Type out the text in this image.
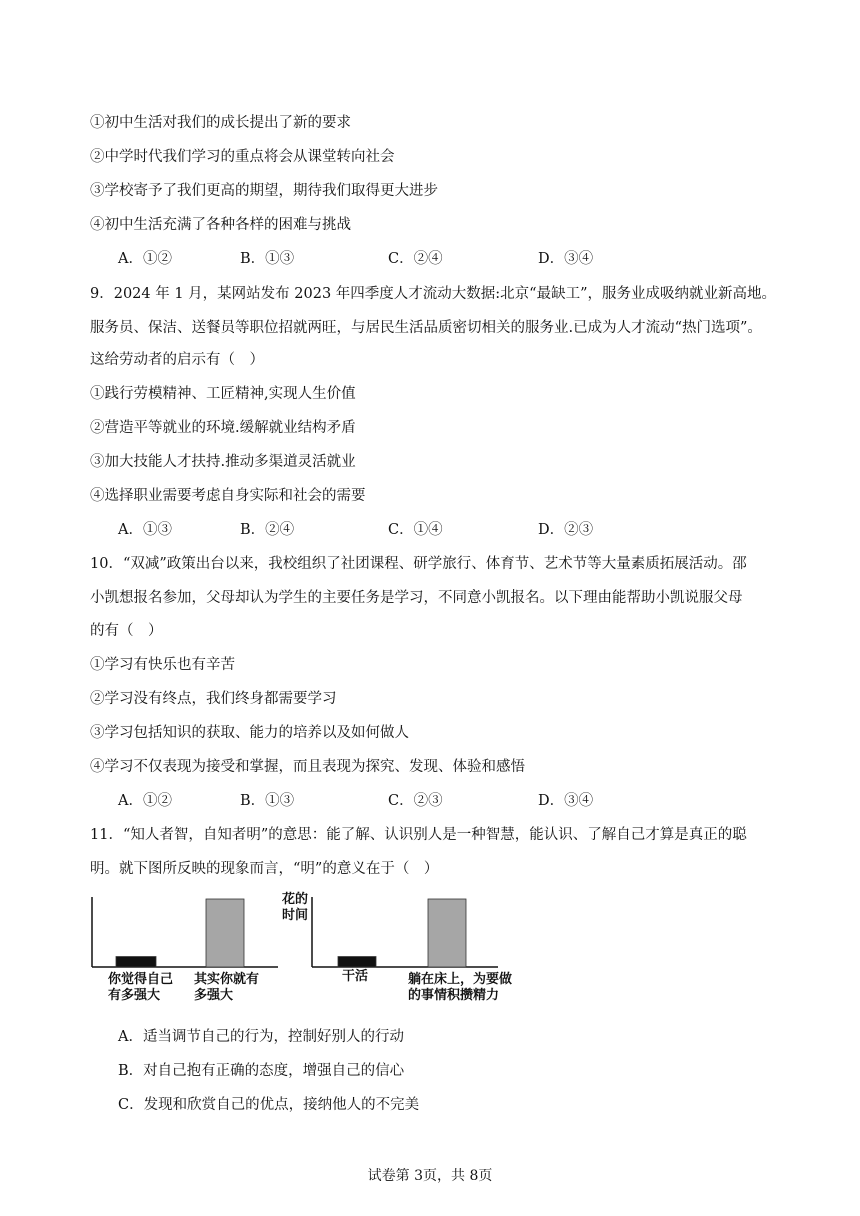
①初中生活对我们的成长提出了新的要求
②中学时代我们学习的重点将会从课堂转向社会
③学校寄予了我们更高的期望，期待我们取得更大进步
④初中生活充满了各种各样的困难与挑战
A．①②	B．①③	C．②④	D．③④
9．2024 年 1 月，某网站发布 2023 年四季度人才流动大数据:北京“最缺工”，服务业成吸纳就业新高地。
服务员、保洁、送餐员等职位招就两旺，与居民生活品质密切相关的服务业.已成为人才流动“热门选项”。
这给劳动者的启示有（　）
①践行劳模精神、工匠精神,实现人生价值
②营造平等就业的环境.缓解就业结构矛盾
③加大技能人才扶持.推动多渠道灵活就业
④选择职业需要考虑自身实际和社会的需要
A．①③	B．②④	C．①④	D．②③
10．“双减”政策出台以来，我校组织了社团课程、研学旅行、体育节、艺术节等大量素质拓展活动。邵
小凯想报名参加，父母却认为学生的主要任务是学习，不同意小凯报名。以下理由能帮助小凯说服父母
的有（　）
①学习有快乐也有辛苦
②学习没有终点，我们终身都需要学习
③学习包括知识的获取、能力的培养以及如何做人
④学习不仅表现为接受和掌握，而且表现为探究、发现、体验和感悟
A．①②	B．①③	C．②③	D．③④
11．“知人者智，自知者明”的意思：能了解、认识别人是一种智慧，能认识、了解自己才算是真正的聪
明。就下图所反映的现象而言，“明”的意义在于（　）
你觉得自己
有多强大
其实你就有
多强大
花的
时间
干活	躺在床上，为要做
的事情积攒精力
A．适当调节自己的行为，控制好别人的行动
B．对自己抱有正确的态度，增强自己的信心
C．发现和欣赏自己的优点，接纳他人的不完美
试卷第 3页，共 8页
